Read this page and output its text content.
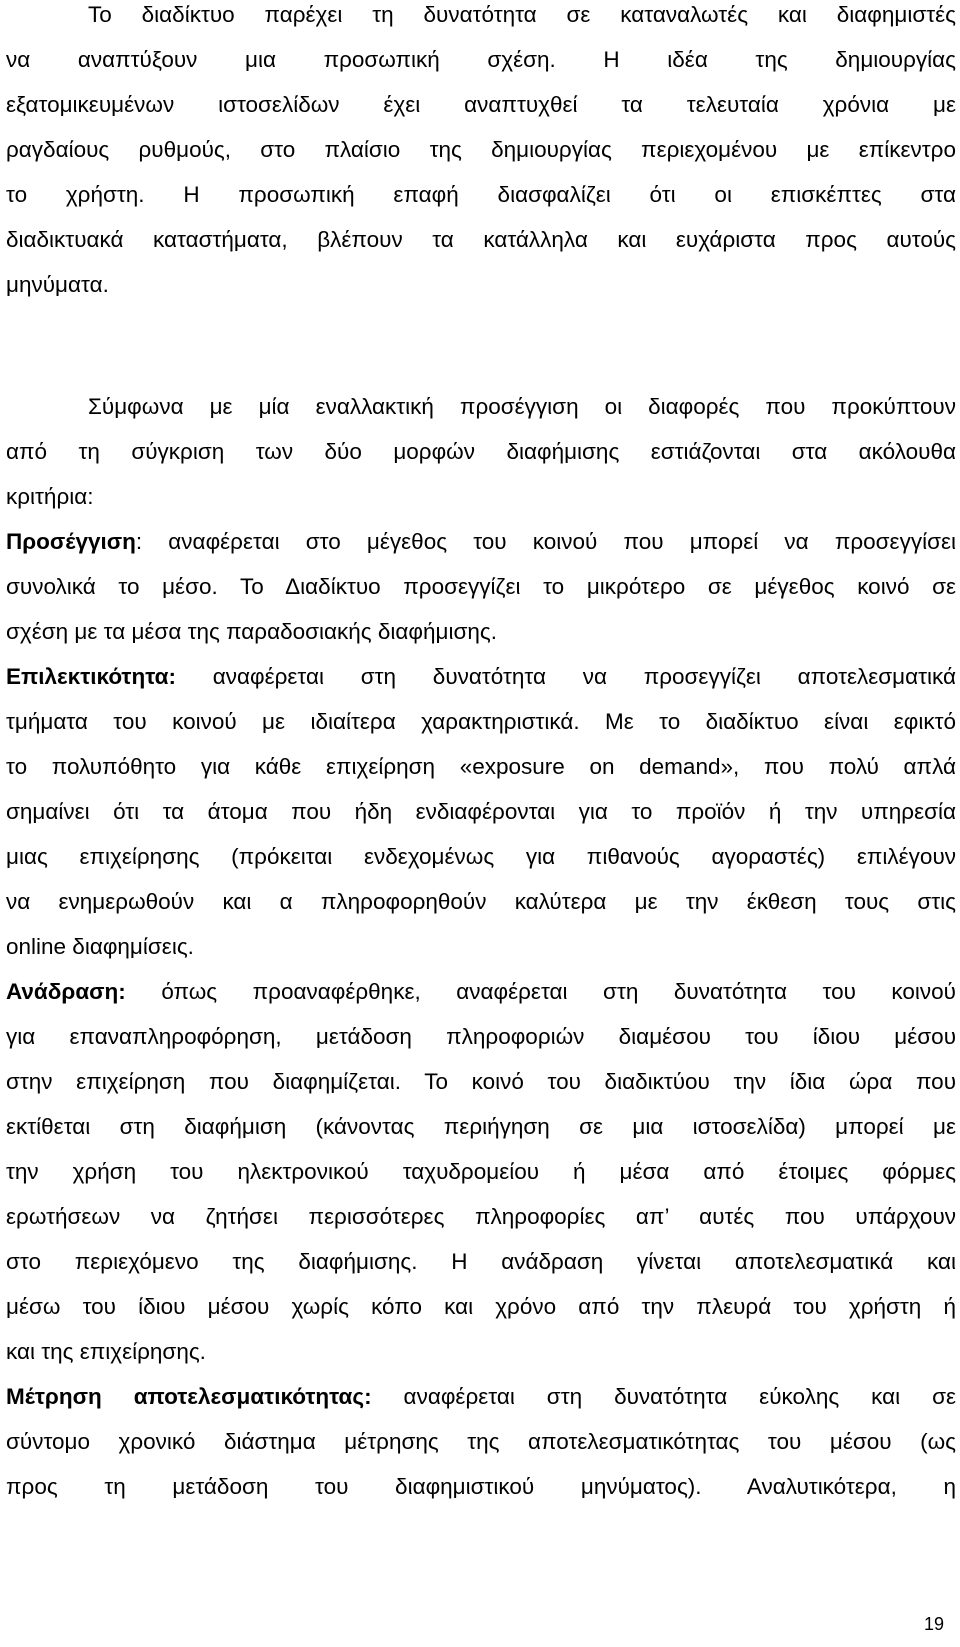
Το διαδίκτυο παρέχει τη δυνατότητα σε καταναλωτές και διαφημιστές
να αναπτύξουν μια προσωπική σχέση. Η ιδέα της δημιουργίας
εξατομικευμένων ιστοσελίδων έχει αναπτυχθεί τα τελευταία χρόνια με
ραγδαίους ρυθμούς, στο πλαίσιο της δημιουργίας περιεχομένου με επίκεντρο
το χρήστη. Η προσωπική επαφή διασφαλίζει ότι οι επισκέπτες στα
διαδικτυακά καταστήματα, βλέπουν τα κατάλληλα και ευχάριστα προς αυτούς
μηνύματα.
Σύμφωνα με μία εναλλακτική προσέγγιση οι διαφορές που προκύπτουν
από τη σύγκριση των δύο μορφών διαφήμισης εστιάζονται στα ακόλουθα
κριτήρια:
Προσέγγιση: αναφέρεται στο μέγεθος του κοινού που μπορεί να προσεγγίσει
συνολικά το μέσο. Το Διαδίκτυο προσεγγίζει το μικρότερο σε μέγεθος κοινό σε
σχέση με τα μέσα της παραδοσιακής διαφήμισης.
Επιλεκτικότητα: αναφέρεται στη δυνατότητα να προσεγγίζει αποτελεσματικά
τμήματα του κοινού με ιδιαίτερα χαρακτηριστικά. Με το διαδίκτυο είναι εφικτό
το πολυπόθητο για κάθε επιχείρηση «exposure on demand», που πολύ απλά
σημαίνει ότι τα άτομα που ήδη ενδιαφέρονται για το προϊόν ή την υπηρεσία
μιας επιχείρησης (πρόκειται ενδεχομένως για πιθανούς αγοραστές) επιλέγουν
να ενημερωθούν και α πληροφορηθούν καλύτερα με την έκθεση τους στις
online διαφημίσεις.
Ανάδραση: όπως προαναφέρθηκε, αναφέρεται στη δυνατότητα του κοινού
για επαναπληροφόρηση, μετάδοση πληροφοριών διαμέσου του ίδιου μέσου
στην επιχείρηση που διαφημίζεται. Το κοινό του διαδικτύου την ίδια ώρα που
εκτίθεται στη διαφήμιση (κάνοντας περιήγηση σε μια ιστοσελίδα) μπορεί με
την χρήση του ηλεκτρονικού ταχυδρομείου ή μέσα από έτοιμες φόρμες
ερωτήσεων να ζητήσει περισσότερες πληροφορίες απ’ αυτές που υπάρχουν
στο περιεχόμενο της διαφήμισης. Η ανάδραση γίνεται αποτελεσματικά και
μέσω του ίδιου μέσου χωρίς κόπο και χρόνο από την πλευρά του χρήστη ή
και της επιχείρησης.
Μέτρηση αποτελεσματικότητας: αναφέρεται στη δυνατότητα εύκολης και σε
σύντομο χρονικό διάστημα μέτρησης της αποτελεσματικότητας του μέσου (ως
προς τη μετάδοση του διαφημιστικού μηνύματος). Αναλυτικότερα, η
19
